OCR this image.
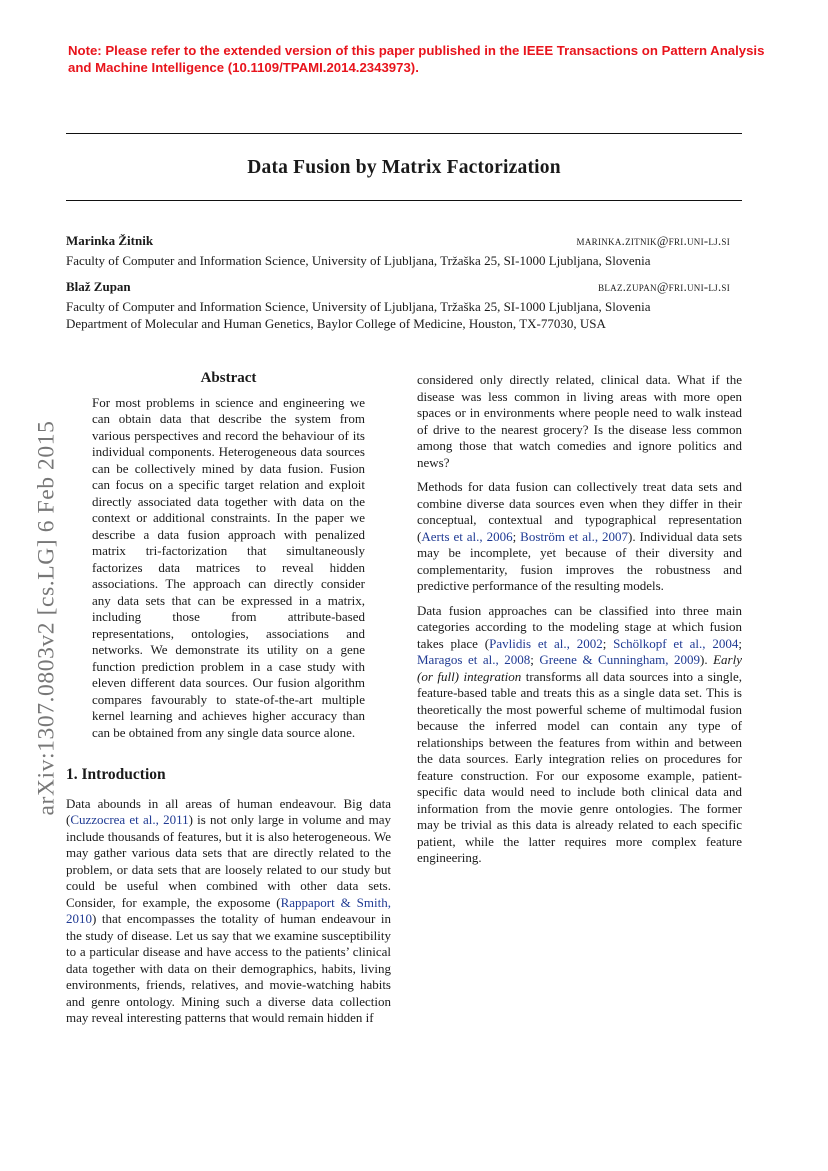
Note: Please refer to the extended version of this paper published in the IEEE Transactions on Pattern Analysis and Machine Intelligence (10.1109/TPAMI.2014.2343973).
Data Fusion by Matrix Factorization
Marinka Žitnik	marinka.zitnik@fri.uni-lj.si
Faculty of Computer and Information Science, University of Ljubljana, Tržaška 25, SI-1000 Ljubljana, Slovenia
Blaž Zupan	blaz.zupan@fri.uni-lj.si
Faculty of Computer and Information Science, University of Ljubljana, Tržaška 25, SI-1000 Ljubljana, Slovenia
Department of Molecular and Human Genetics, Baylor College of Medicine, Houston, TX-77030, USA
arXiv:1307.0803v2 [cs.LG] 6 Feb 2015
Abstract

For most problems in science and engineering we can obtain data that describe the system from various perspectives and record the behaviour of its individual components. Heterogeneous data sources can be collectively mined by data fusion. Fusion can focus on a specific target relation and exploit directly associated data together with data on the context or additional constraints. In the paper we describe a data fusion approach with penalized matrix tri-factorization that simultaneously factorizes data matrices to reveal hidden associations. The approach can directly consider any data sets that can be expressed in a matrix, including those from attribute-based representations, ontologies, associations and networks. We demonstrate its utility on a gene function prediction problem in a case study with eleven different data sources. Our fusion algorithm compares favourably to state-of-the-art multiple kernel learning and achieves higher accuracy than can be obtained from any single data source alone.

1. Introduction

Data abounds in all areas of human endeavour. Big data (Cuzzocrea et al., 2011) is not only large in volume and may include thousands of features, but it is also heterogeneous. We may gather various data sets that are directly related to the problem, or data sets that are loosely related to our study but could be useful when combined with other data sets. Consider, for example, the exposome (Rappaport & Smith, 2010) that encompasses the totality of human endeavour in the study of disease. Let us say that we examine susceptibility to a particular disease and have access to the patients’ clinical data together with data on their demographics, habits, living environments, friends, relatives, and movie-watching habits and genre ontology. Mining such a diverse data collection may reveal interesting patterns that would remain hidden if

considered only directly related, clinical data. What if the disease was less common in living areas with more open spaces or in environments where people need to walk instead of drive to the nearest grocery? Is the disease less common among those that watch comedies and ignore politics and news?

Methods for data fusion can collectively treat data sets and combine diverse data sources even when they differ in their conceptual, contextual and typographical representation (Aerts et al., 2006; Boström et al., 2007). Individual data sets may be incomplete, yet because of their diversity and complementarity, fusion improves the robustness and predictive performance of the resulting models.

Data fusion approaches can be classified into three main categories according to the modeling stage at which fusion takes place (Pavlidis et al., 2002; Schölkopf et al., 2004; Maragos et al., 2008; Greene & Cunningham, 2009). Early (or full) integration transforms all data sources into a single, feature-based table and treats this as a single data set. This is theoretically the most powerful scheme of multimodal fusion because the inferred model can contain any type of relationships between the features from within and between the data sources. Early integration relies on procedures for feature construction. For our exposome example, patient-specific data would need to include both clinical data and information from the movie genre ontologies. The former may be trivial as this data is already related to each specific patient, while the latter requires more complex feature engineering.
